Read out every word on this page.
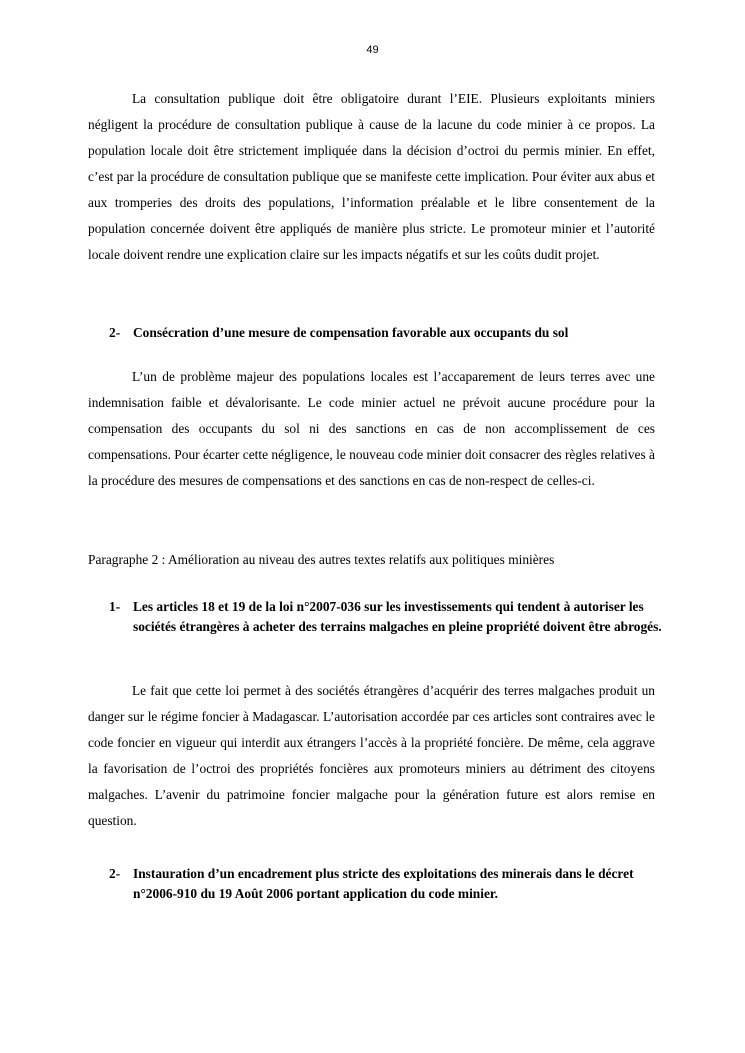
49

La consultation publique doit être obligatoire durant l’EIE. Plusieurs exploitants miniers négligent la procédure de consultation publique à cause de la lacune du code minier à ce propos. La population locale doit être strictement impliquée dans la décision d’octroi du permis minier. En effet, c’est par la procédure de consultation publique que se manifeste cette implication. Pour éviter aux abus et aux tromperies des droits des populations, l’information préalable et le libre consentement de la population concernée doivent être appliqués de manière plus stricte. Le promoteur minier et l’autorité locale doivent rendre une explication claire sur les impacts négatifs et sur les coûts dudit projet.

2- Consécration d’une mesure de compensation favorable aux occupants du sol

L’un de problème majeur des populations locales est l’accaparement de leurs terres avec une indemnisation faible et dévalorisante. Le code minier actuel ne prévoit aucune procédure pour la compensation des occupants du sol ni des sanctions en cas de non accomplissement de ces compensations. Pour écarter cette négligence, le nouveau code minier doit consacrer des règles relatives à la procédure des mesures de compensations et des sanctions en cas de non-respect de celles-ci.

Paragraphe 2 : Amélioration au niveau des autres textes relatifs aux politiques minières

1- Les articles 18 et 19 de la loi n°2007-036 sur les investissements qui tendent à autoriser les sociétés étrangères à acheter des terrains malgaches en pleine propriété doivent être abrogés.

Le fait que cette loi permet à des sociétés étrangères d’acquérir des terres malgaches produit un danger sur le régime foncier à Madagascar. L’autorisation accordée par ces articles sont contraires avec le code foncier en vigueur qui interdit aux étrangers l’accès à la propriété foncière. De même, cela aggrave la favorisation de l’octroi des propriétés foncières aux promoteurs miniers au détriment des citoyens malgaches. L’avenir du patrimoine foncier malgache pour la génération future est alors remise en question.

2- Instauration d’un encadrement plus stricte des exploitations des minerais dans le décret n°2006-910 du 19 Août 2006 portant application du code minier.
